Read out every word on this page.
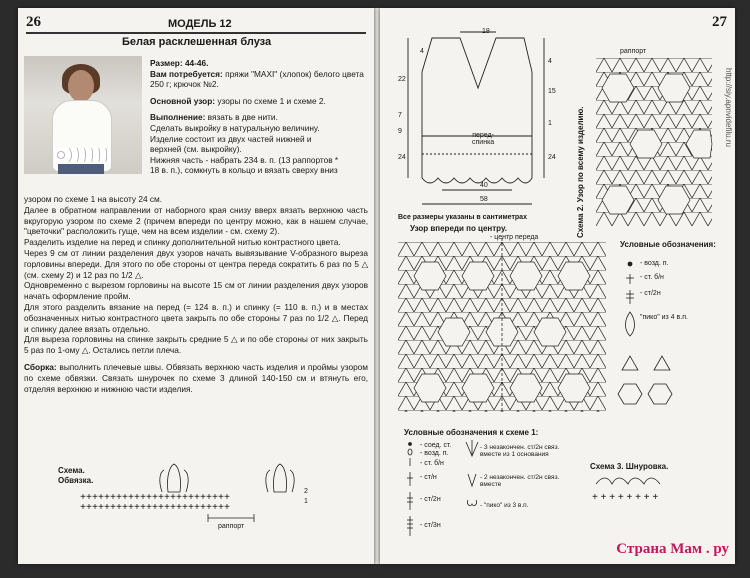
26	МОДЕЛЬ 12
Белая расклешенная блуза
Размер: 44-46.
Вам потребуется: пряжи "MAXI" (хлопок) белого цвета 250 г; крючок №2.
Основной узор: узоры по схеме 1 и схеме 2.
Выполнение: вязать в две нити.
Сделать выкройку в натуральную величину.
Изделие состоит из двух частей нижней и
верхней (см. выкройку).
Нижняя часть - набрать 234 в. п. (13 раппортов *
18 в. п.), сомкнуть в кольцо и вязать сверху вниз

узором по схеме 1 на высоту 24 см.

Далее в обратном направлении от наборного края снизу вверх вязать верхнюю часть вкругорую узором по схеме 2 (причем впереди по центру можно, как в нашем случае, "цветочки" расположить гуще, чем на всем изделии - см. схему 2).

Разделить изделие на перед и спинку дополнительной нитью контрастного цвета.

Через 9 см от линии разделения двух узоров начать вывязывание V-образного выреза горловины впереди. Для этого по обе стороны от центра переда сократить 6 раз по 5 △ (см. схему 2) и 12 раз по 1/2 △.

Одновременно с вырезом горловины на высоте 15 см от линии разделения двух узоров начать оформление пройм.

Для этого разделить вязание на перед (= 124 в. п.) и спинку (= 110 в. п.) и в местах обозначенных нитью контрастного цвета закрыть по обе стороны 7 раз по 1/2 △. Перед и спинку далее вязать отдельно.

Для выреза горловины на спинке закрыть средние 5 △ и по обе стороны от них закрыть 5 раз по 1-ому △. Остались петли плеча.

Сборка: выполнить плечевые швы. Обвязать верхнюю часть изделия и проймы узором по схеме обвязки. Связать шнурочек по схеме 3 длиной 140-150 см и втянуть его, отделяя верхнюю и нижнюю части изделия.

Схема.
Обвязка.
+++++++++++++++++++++++++
+++++++++++++++++++++++++
2
1
раппорт
27
18
4
22
7
9
24
4
15
1
24
40
58
перед-
спинка
Все размеры указаны в сантиметрах
Узор впереди по центру.
- центр переда
раппорт
Схема 2. Узор по всему изделию.
Условные обозначения:
- возд. п.
- ст. б/н
- ст/2н
"пико" из 4 в.п.
Условные обозначения к схеме 1:
- соед. ст.
- возд. п.
- ст. б/н
- ст/н
- ст/2н
- ст/3н
- 3 незакончен. ст/2н связ. вместе из 1 основания
- 2 незакончен. ст/2н связ. вместе
- "пико" из 3 в.п.
Схема 3. Шнуровка.
+ + + + + + + +
http://siy.apnvidefilu.ru
Страна Мам . ру
